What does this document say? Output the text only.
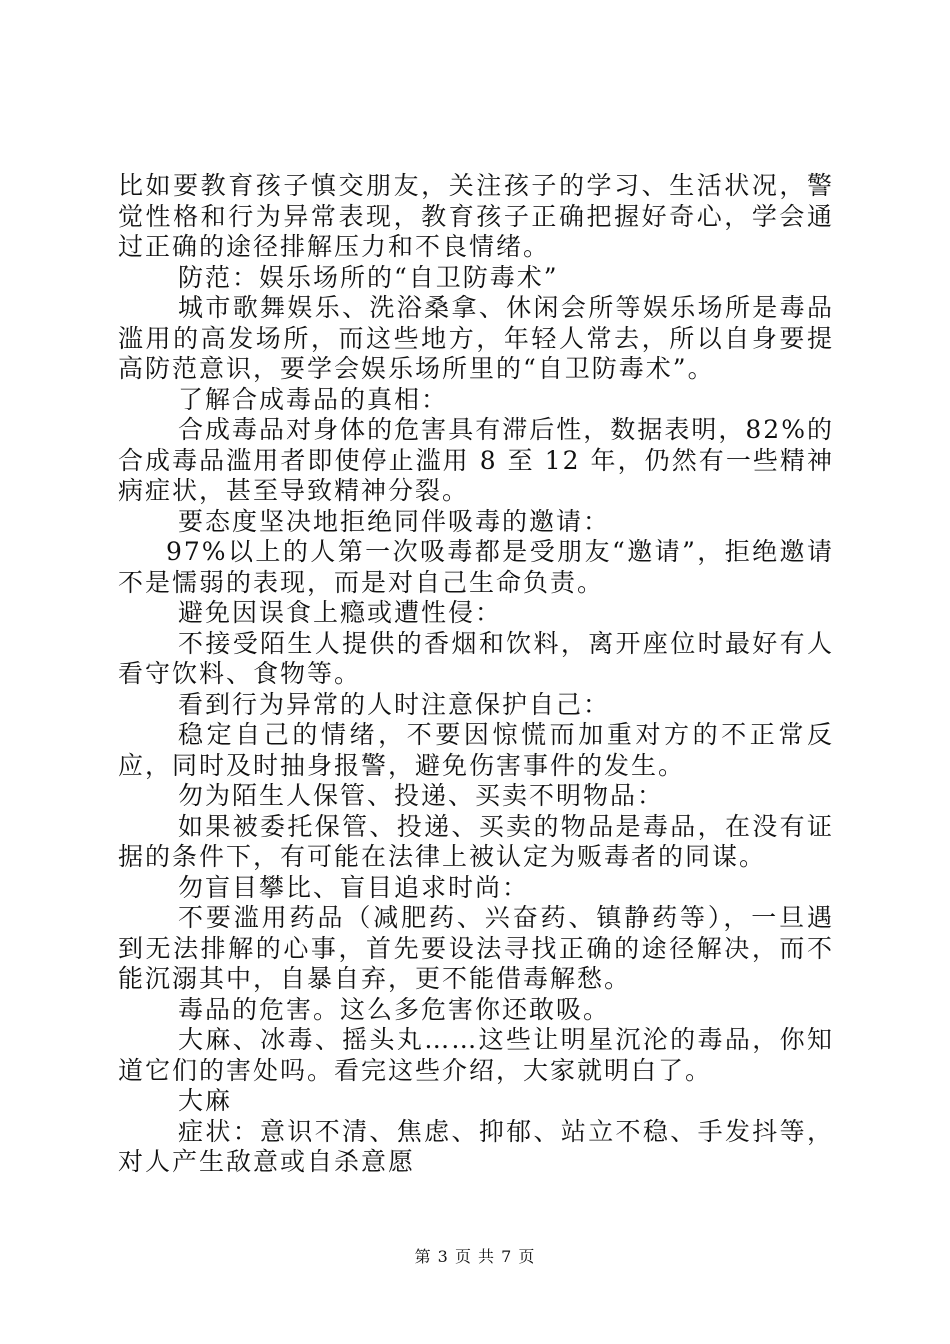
比如要教育孩子慎交朋友，关注孩子的学习、生活状况，警觉性格和行为异常表现，教育孩子正确把握好奇心，学会通过正确的途径排解压力和不良情绪。

防范：娱乐场所的“自卫防毒术”

城市歌舞娱乐、洗浴桑拿、休闲会所等娱乐场所是毒品滥用的高发场所，而这些地方，年轻人常去，所以自身要提高防范意识，要学会娱乐场所里的“自卫防毒术”。

了解合成毒品的真相：

合成毒品对身体的危害具有滞后性，数据表明，82%的合成毒品滥用者即使停止滥用 8 至 12 年，仍然有一些精神病症状，甚至导致精神分裂。

要态度坚决地拒绝同伴吸毒的邀请：

97%以上的人第一次吸毒都是受朋友“邀请”，拒绝邀请不是懦弱的表现，而是对自己生命负责。

避免因误食上瘾或遭性侵：

不接受陌生人提供的香烟和饮料，离开座位时最好有人看守饮料、食物等。

看到行为异常的人时注意保护自己：

稳定自己的情绪，不要因惊慌而加重对方的不正常反应，同时及时抽身报警，避免伤害事件的发生。

勿为陌生人保管、投递、买卖不明物品：

如果被委托保管、投递、买卖的物品是毒品，在没有证据的条件下，有可能在法律上被认定为贩毒者的同谋。

勿盲目攀比、盲目追求时尚：

不要滥用药品（减肥药、兴奋药、镇静药等），一旦遇到无法排解的心事，首先要设法寻找正确的途径解决，而不能沉溺其中，自暴自弃，更不能借毒解愁。

毒品的危害。这么多危害你还敢吸。

大麻、冰毒、摇头丸……这些让明星沉沦的毒品，你知道它们的害处吗。看完这些介绍，大家就明白了。

大麻

症状：意识不清、焦虑、抑郁、站立不稳、手发抖等，对人产生敌意或自杀意愿

第 3 页 共 7 页
